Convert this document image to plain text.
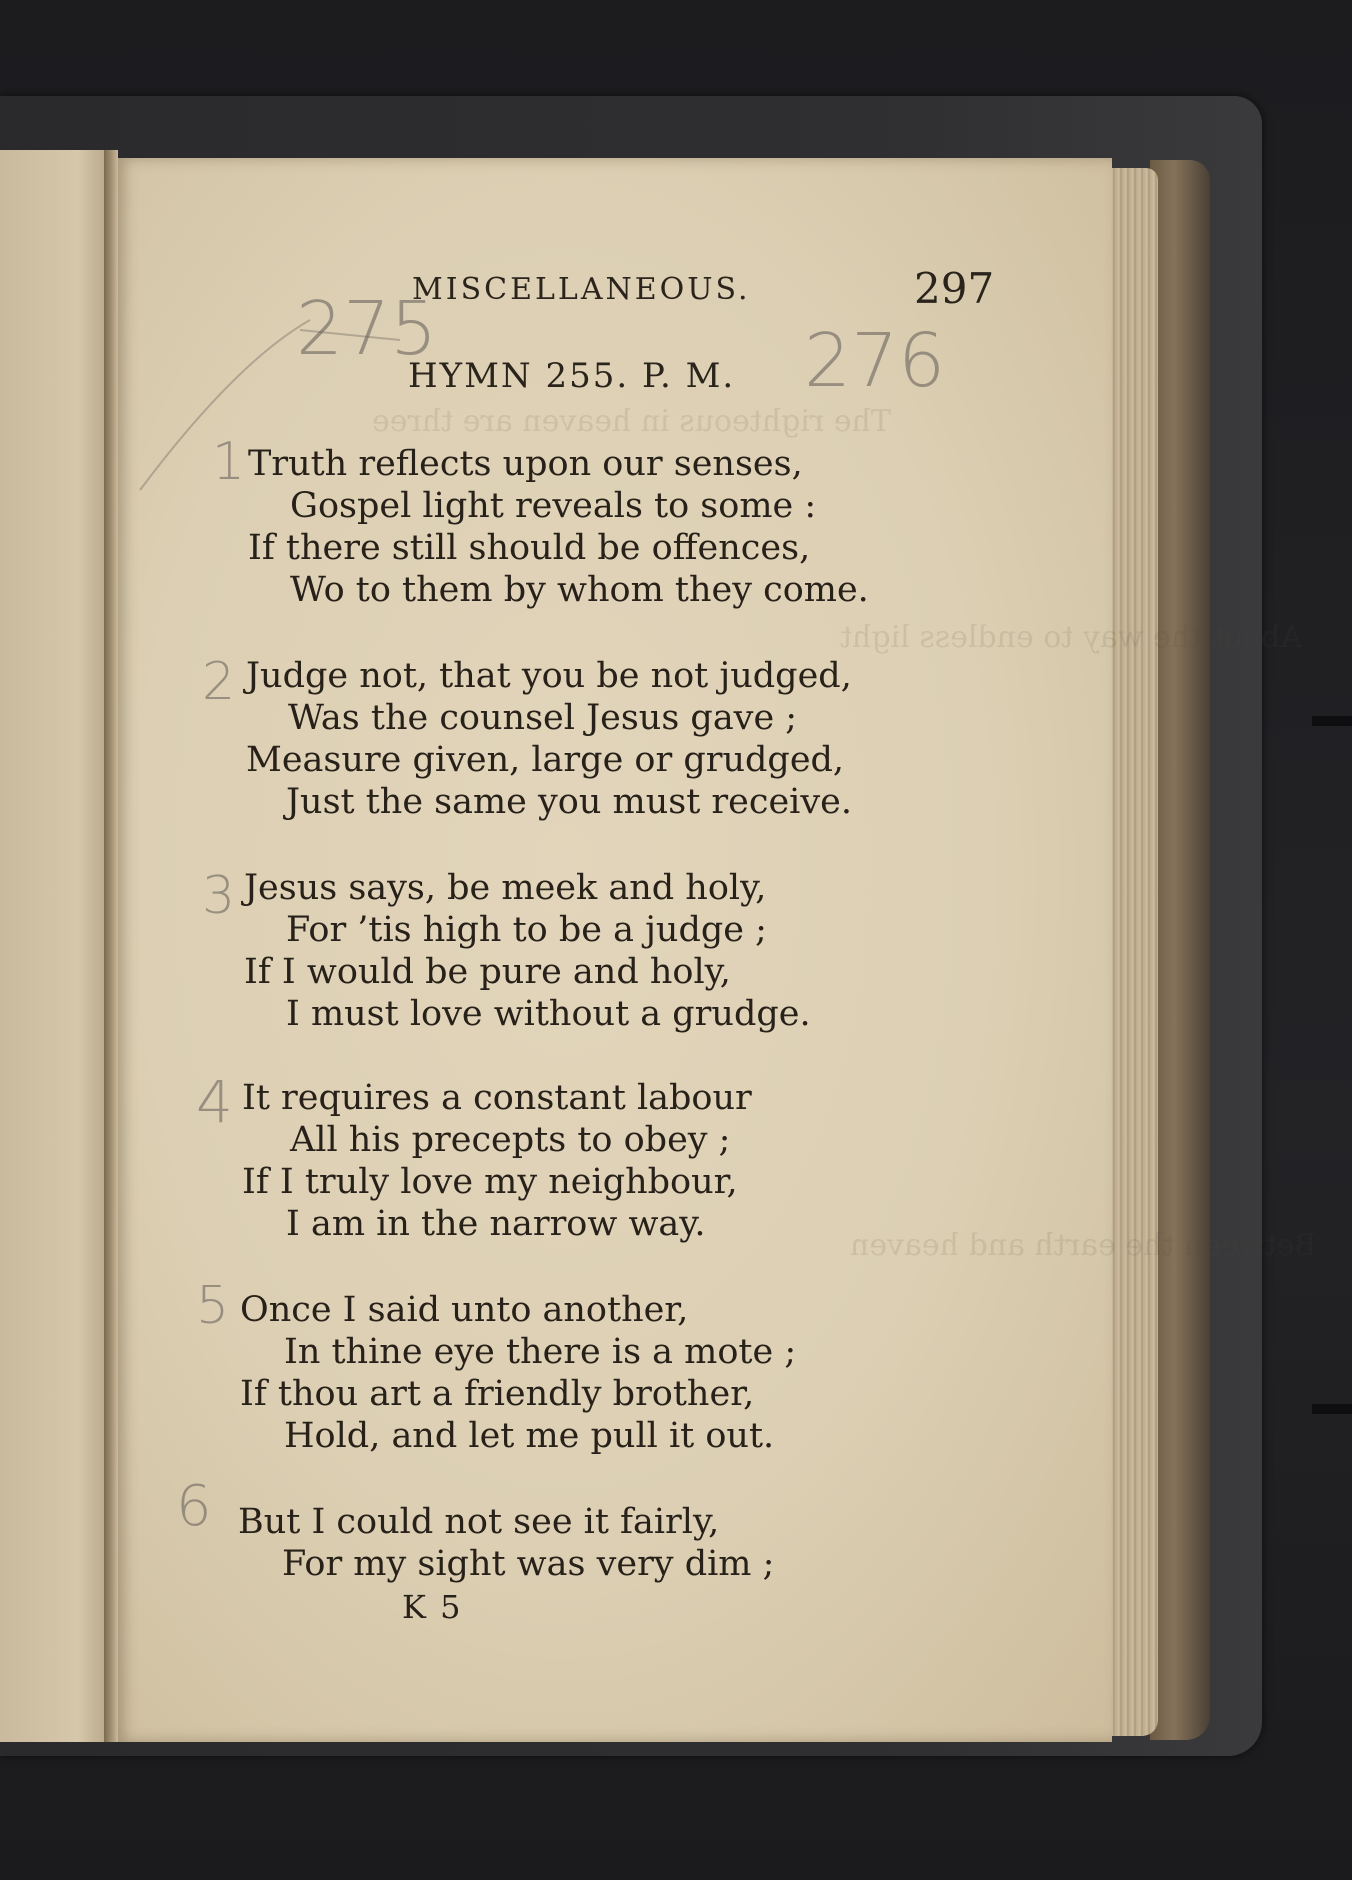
The righteous in heaven are three
About the way to endless light
Between the earth and heaven
275	276
1
2
3
4
5
6
MISCELLANEOUS.	297
HYMN 255. P. M.
Truth reflects upon our senses,
Gospel light reveals to some :
If there still should be offences,
Wo to them by whom they come.
Judge not, that you be not judged,
Was the counsel Jesus gave ;
Measure given, large or grudged,
Just the same you must receive.
Jesus says, be meek and holy,
For ’tis high to be a judge ;
If I would be pure and holy,
I must love without a grudge.
It requires a constant labour
All his precepts to obey ;
If I truly love my neighbour,
I am in the narrow way.
Once I said unto another,
In thine eye there is a mote ;
If thou art a friendly brother,
Hold, and let me pull it out.
But I could not see it fairly,
For my sight was very dim ;
K 5
